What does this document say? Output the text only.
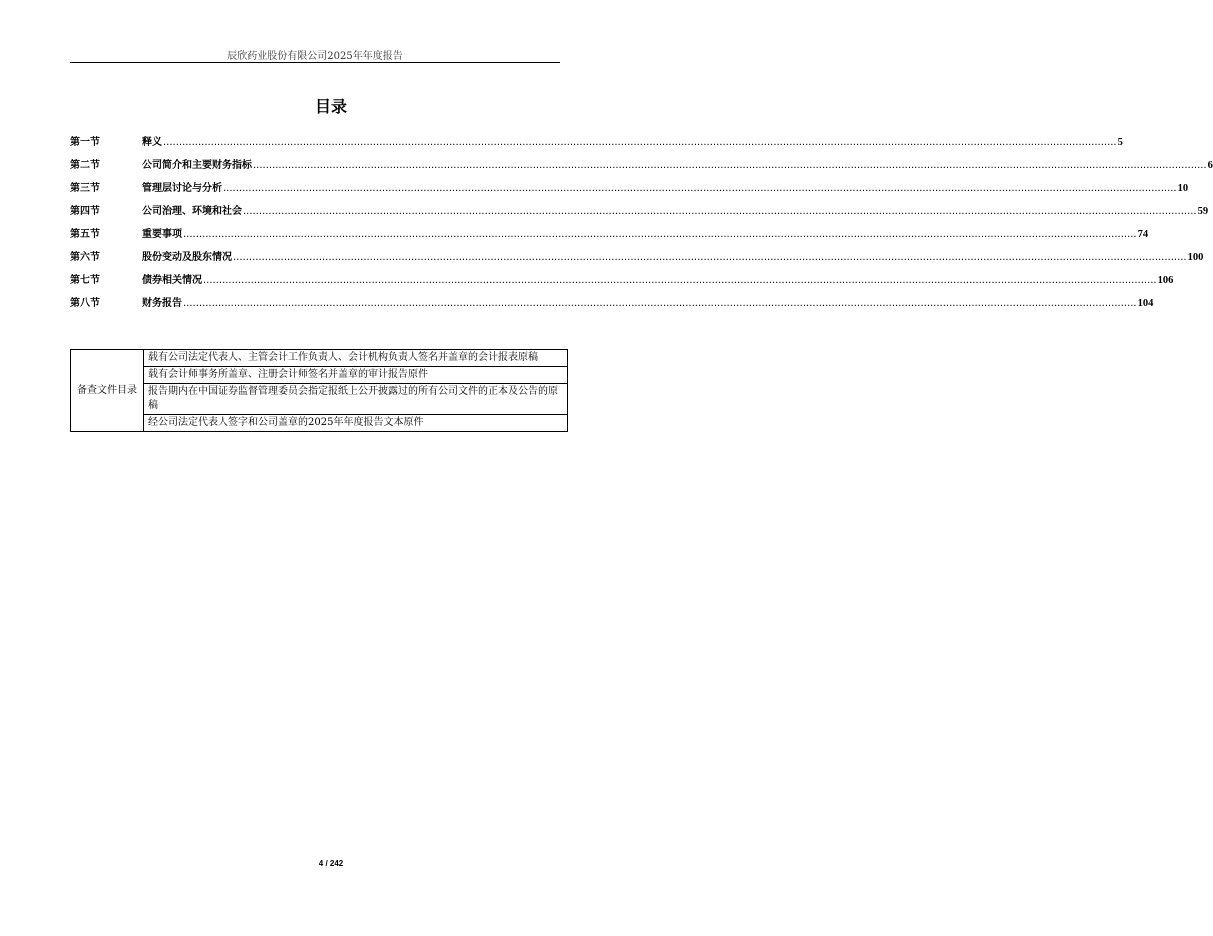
辰欣药业股份有限公司2025年年度报告
目录
第一节	释义 ............................................................................................................................................................................................................................................................................................................ 5
第二节	公司简介和主要财务指标 ............................................................................................................................................................................................................................................................................................................ 6
第三节	管理层讨论与分析 ............................................................................................................................................................................................................................................................................................................ 10
第四节	公司治理、环境和社会 ............................................................................................................................................................................................................................................................................................................ 59
第五节	重要事项 ............................................................................................................................................................................................................................................................................................................ 74
第六节	股份变动及股东情况 ............................................................................................................................................................................................................................................................................................................ 100
第七节	债券相关情况 ............................................................................................................................................................................................................................................................................................................ 106
第八节	财务报告 ............................................................................................................................................................................................................................................................................................................ 104
备查文件目录	载有公司法定代表人、主管会计工作负责人、会计机构负责人签名并盖章的会计报表原稿
载有会计师事务所盖章、注册会计师签名并盖章的审计报告原件
报告期内在中国证券监督管理委员会指定报纸上公开披露过的所有公司文件的正本及公告的原稿
经公司法定代表人签字和公司盖章的2025年年度报告文本原件
4 / 242
